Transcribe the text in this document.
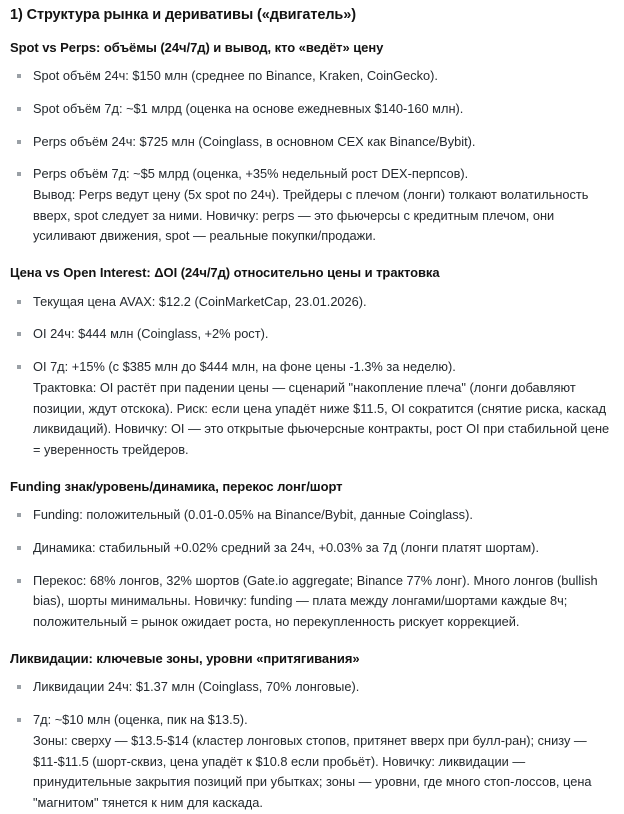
1) Структура рынка и деривативы («двигатель»)
Spot vs Perps: объёмы (24ч/7д) и вывод, кто «ведёт» цену
Spot объём 24ч: $150 млн (среднее по Binance, Kraken, CoinGecko).
Spot объём 7д: ~$1 млрд (оценка на основе ежедневных $140-160 млн).
Perps объём 24ч: $725 млн (Coinglass, в основном CEX как Binance/Bybit).
Perps объём 7д: ~$5 млрд (оценка, +35% недельный рост DEX-перпсов).
Вывод: Perps ведут цену (5x spot по 24ч). Трейдеры с плечом (лонги) толкают волатильность вверх, spot следует за ними. Новичку: perps — это фьючерсы с кредитным плечом, они усиливают движения, spot — реальные покупки/продажи.
Цена vs Open Interest: ΔOI (24ч/7д) относительно цены и трактовка
Текущая цена AVAX: $12.2 (CoinMarketCap, 23.01.2026).
OI 24ч: $444 млн (Coinglass, +2% рост).
OI 7д: +15% (с $385 млн до $444 млн, на фоне цены -1.3% за неделю).
Трактовка: OI растёт при падении цены — сценарий "накопление плеча" (лонги добавляют позиции, ждут отскока). Риск: если цена упадёт ниже $11.5, OI сократится (снятие риска, каскад ликвидаций). Новичку: OI — это открытые фьючерсные контракты, рост OI при стабильной цене = уверенность трейдеров.
Funding знак/уровень/динамика, перекос лонг/шорт
Funding: положительный (0.01-0.05% на Binance/Bybit, данные Coinglass).
Динамика: стабильный +0.02% средний за 24ч, +0.03% за 7д (лонги платят шортам).
Перекос: 68% лонгов, 32% шортов (Gate.io aggregate; Binance 77% лонг). Много лонгов (bullish bias), шорты минимальны. Новичку: funding — плата между лонгами/шортами каждые 8ч; положительный = рынок ожидает роста, но перекупленность рискует коррекцией.
Ликвидации: ключевые зоны, уровни «притягивания»
Ликвидации 24ч: $1.37 млн (Coinglass, 70% лонговые).
7д: ~$10 млн (оценка, пик на $13.5).
Зоны: сверху — $13.5-$14 (кластер лонговых стопов, притянет вверх при булл-ран); снизу — $11-$11.5 (шорт-сквиз, цена упадёт к $10.8 если пробьёт). Новичку: ликвидации — принудительные закрытия позиций при убытках; зоны — уровни, где много стоп-лоссов, цена "магнитом" тянется к ним для каскада.
